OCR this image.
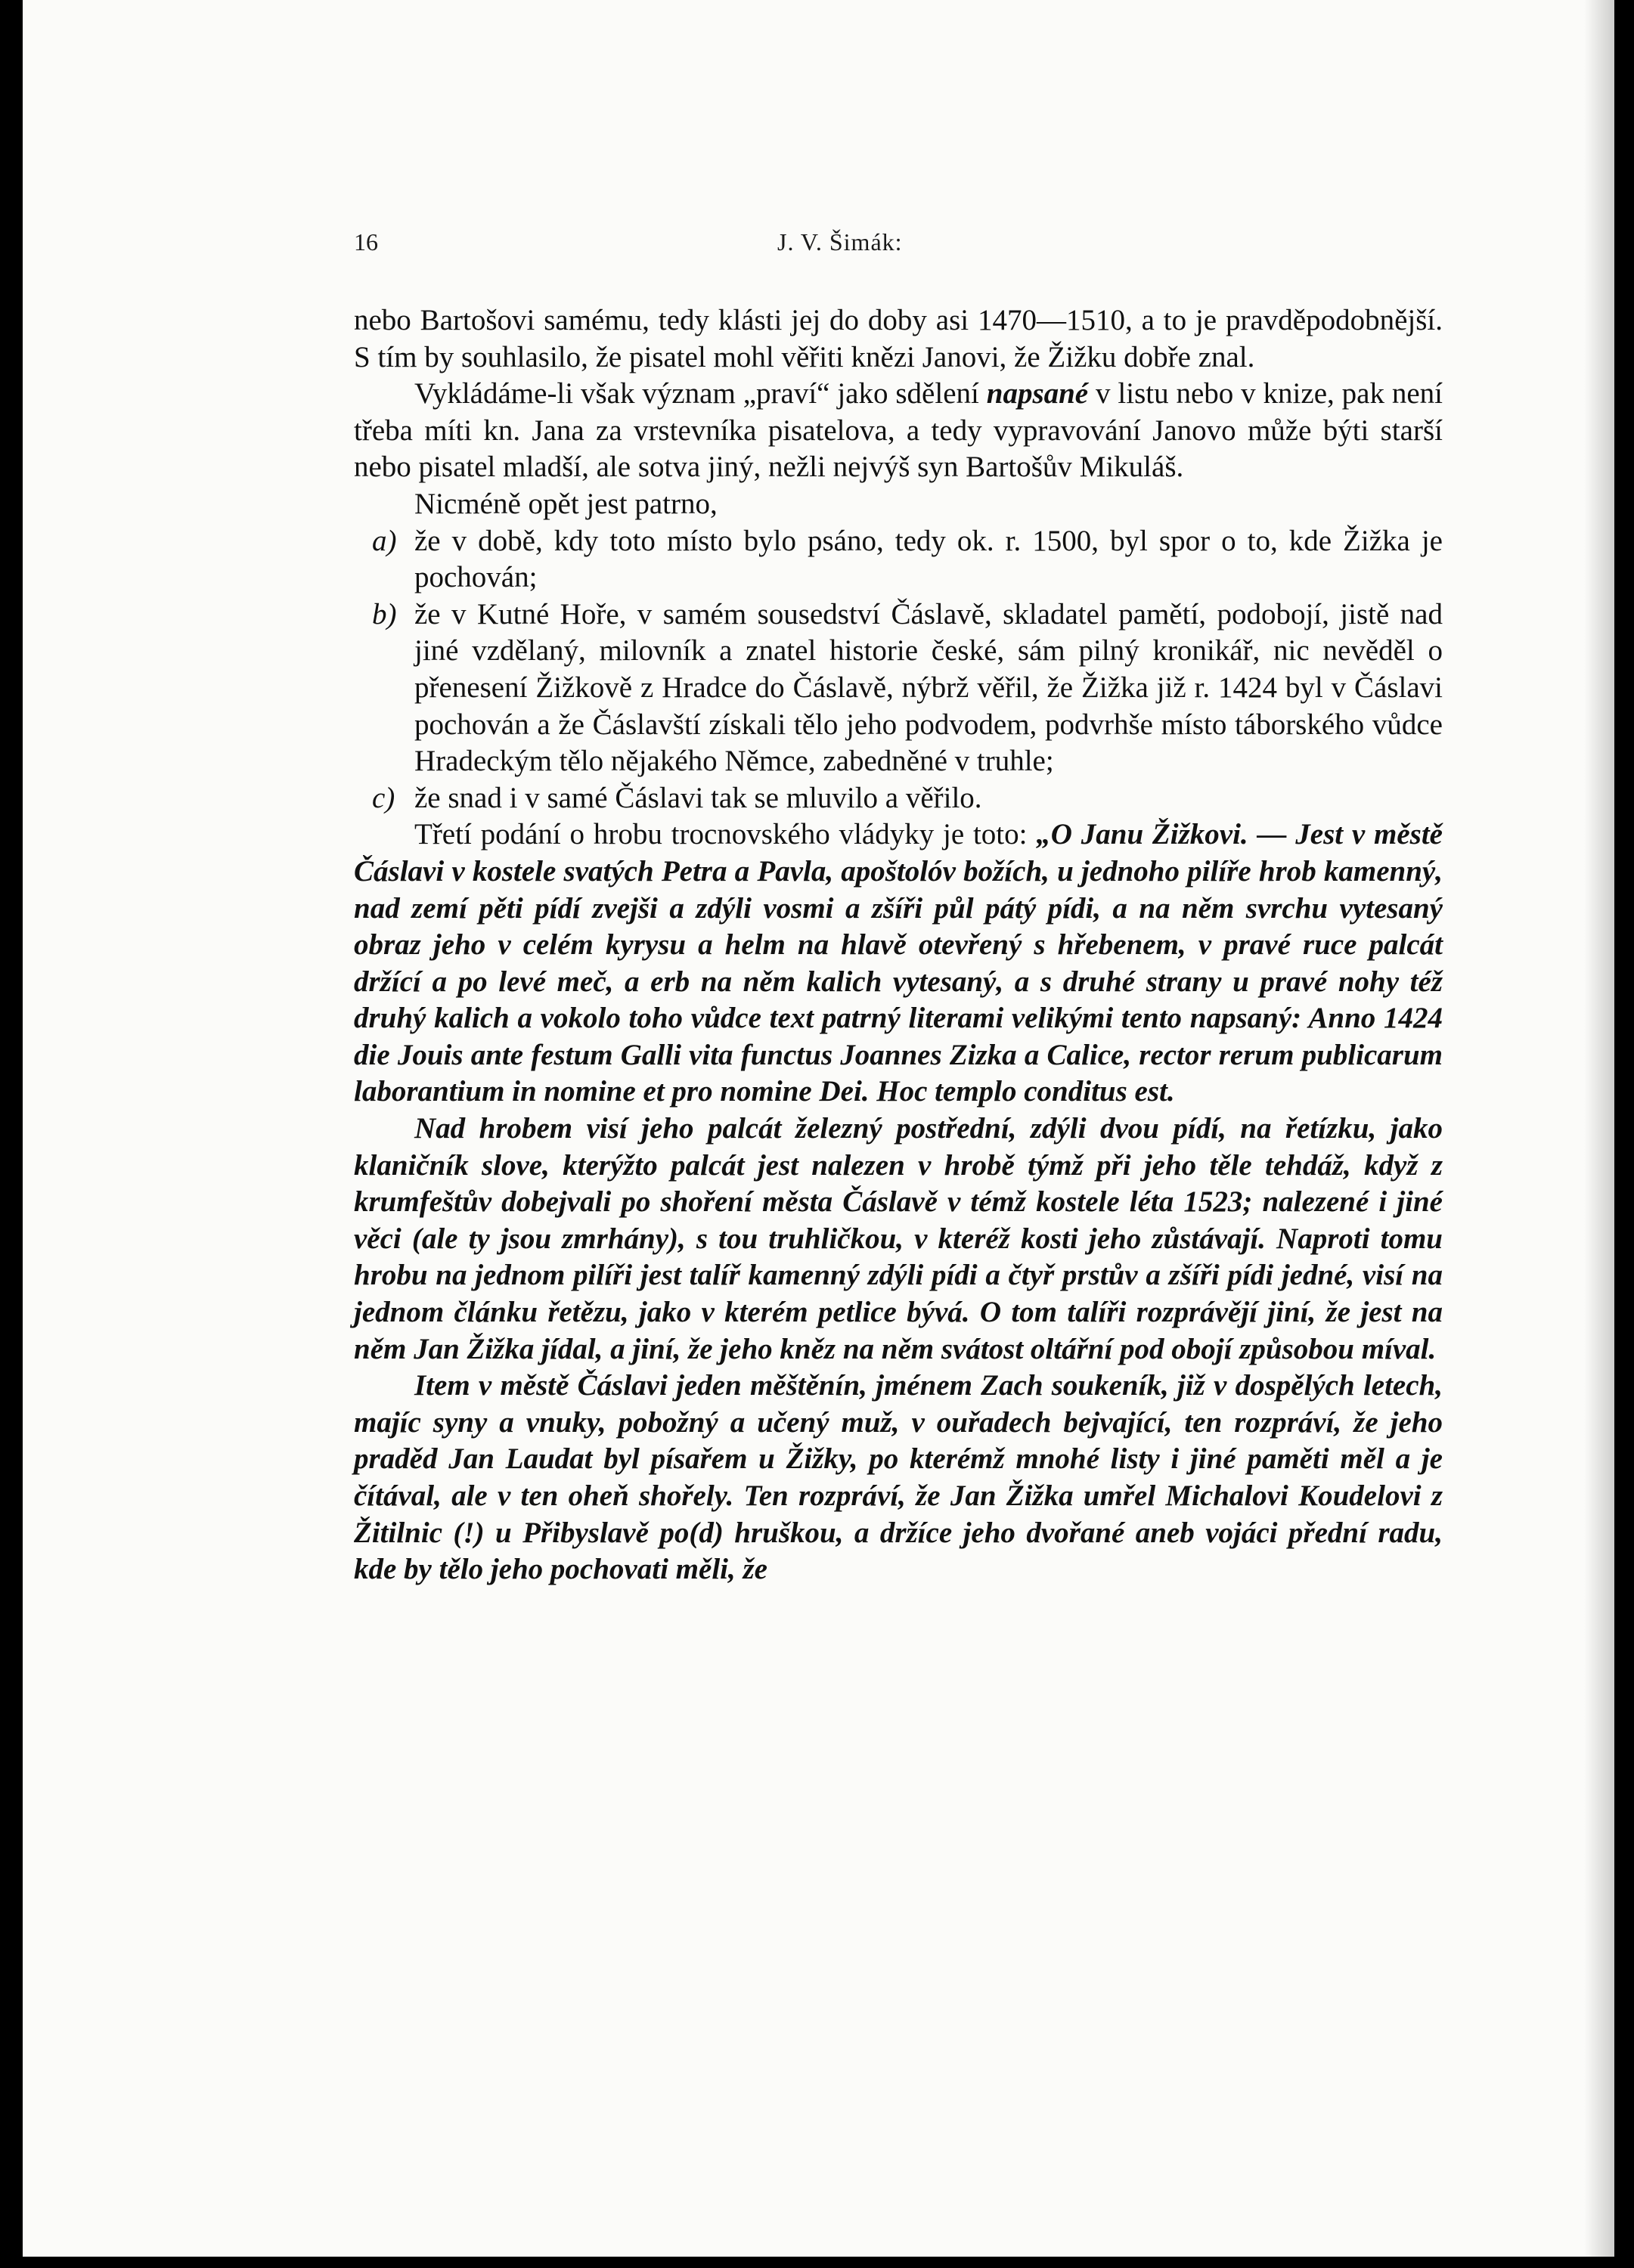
16	J. V. Šimák:

nebo Bartošovi samému, tedy klásti jej do doby asi 1470—1510, a to je pravděpodobnější. S tím by souhlasilo, že pisatel mohl věřiti knězi Janovi, že Žižku dobře znal.

Vykládáme-li však význam „praví“ jako sdělení napsané v listu nebo v knize, pak není třeba míti kn. Jana za vrstevníka pisatelova, a tedy vypravování Janovo může býti starší nebo pisatel mladší, ale sotva jiný, nežli nejvýš syn Bartošův Mikuláš.

Nicméně opět jest patrno,

a) že v době, kdy toto místo bylo psáno, tedy ok. r. 1500, byl spor o to, kde Žižka je pochován;
b) že v Kutné Hoře, v samém sousedství Čáslavě, skladatel pamětí, podobojí, jistě nad jiné vzdělaný, milovník a znatel historie české, sám pilný kronikář, nic nevěděl o přenesení Žižkově z Hradce do Čáslavě, nýbrž věřil, že Žižka již r. 1424 byl v Čáslavi pochován a že Čáslavští získali tělo jeho podvodem, podvrhše místo táborského vůdce Hradeckým tělo nějakého Němce, zabedněné v truhle;
c) že snad i v samé Čáslavi tak se mluvilo a věřilo.

Třetí podání o hrobu trocnovského vládyky je toto: „O Janu Žižkovi. — Jest v městě Čáslavi v kostele svatých Petra a Pavla, apoštolóv božích, u jednoho pilíře hrob kamenný, nad zemí pěti pídí zvejši a zdýli vosmi a zšíři půl pátý pídi, a na něm svrchu vytesaný obraz jeho v celém kyrysu a helm na hlavě otevřený s hřebenem, v pravé ruce palcát držící a po levé meč, a erb na něm kalich vytesaný, a s druhé strany u pravé nohy též druhý kalich a vokolo toho vůdce text patrný literami velikými tento napsaný: Anno 1424 die Jouis ante festum Galli vita functus Joannes Zizka a Calice, rector rerum publicarum laborantium in nomine et pro nomine Dei. Hoc templo conditus est.

Nad hrobem visí jeho palcát železný postřední, zdýli dvou pídí, na řetízku, jako klaničník slove, kterýžto palcát jest nalezen v hrobě týmž při jeho těle tehdáž, když z krumfeštův dobejvali po shoření města Čáslavě v témž kostele léta 1523; nalezené i jiné věci (ale ty jsou zmrhány), s tou truhličkou, v kteréž kosti jeho zůstávají. Naproti tomu hrobu na jednom pilíři jest talíř kamenný zdýli pídi a čtyř prstův a zšíři pídi jedné, visí na jednom článku řetězu, jako v kterém petlice bývá. O tom talíři rozprávějí jiní, že jest na něm Jan Žižka jídal, a jiní, že jeho kněz na něm svátost oltářní pod obojí způsobou míval.

Item v městě Čáslavi jeden měštěnín, jménem Zach soukeník, již v dospělých letech, majíc syny a vnuky, pobožný a učený muž, v ouřadech bejvající, ten rozpráví, že jeho praděd Jan Laudat byl písařem u Žižky, po kterémž mnohé listy i jiné paměti měl a je čítával, ale v ten oheň shořely. Ten rozpráví, že Jan Žižka umřel Michalovi Koudelovi z Žitilnic (!) u Přibyslavě po(d) hruškou, a držíce jeho dvořané aneb vojáci přední radu, kde by tělo jeho pochovati měli, že
